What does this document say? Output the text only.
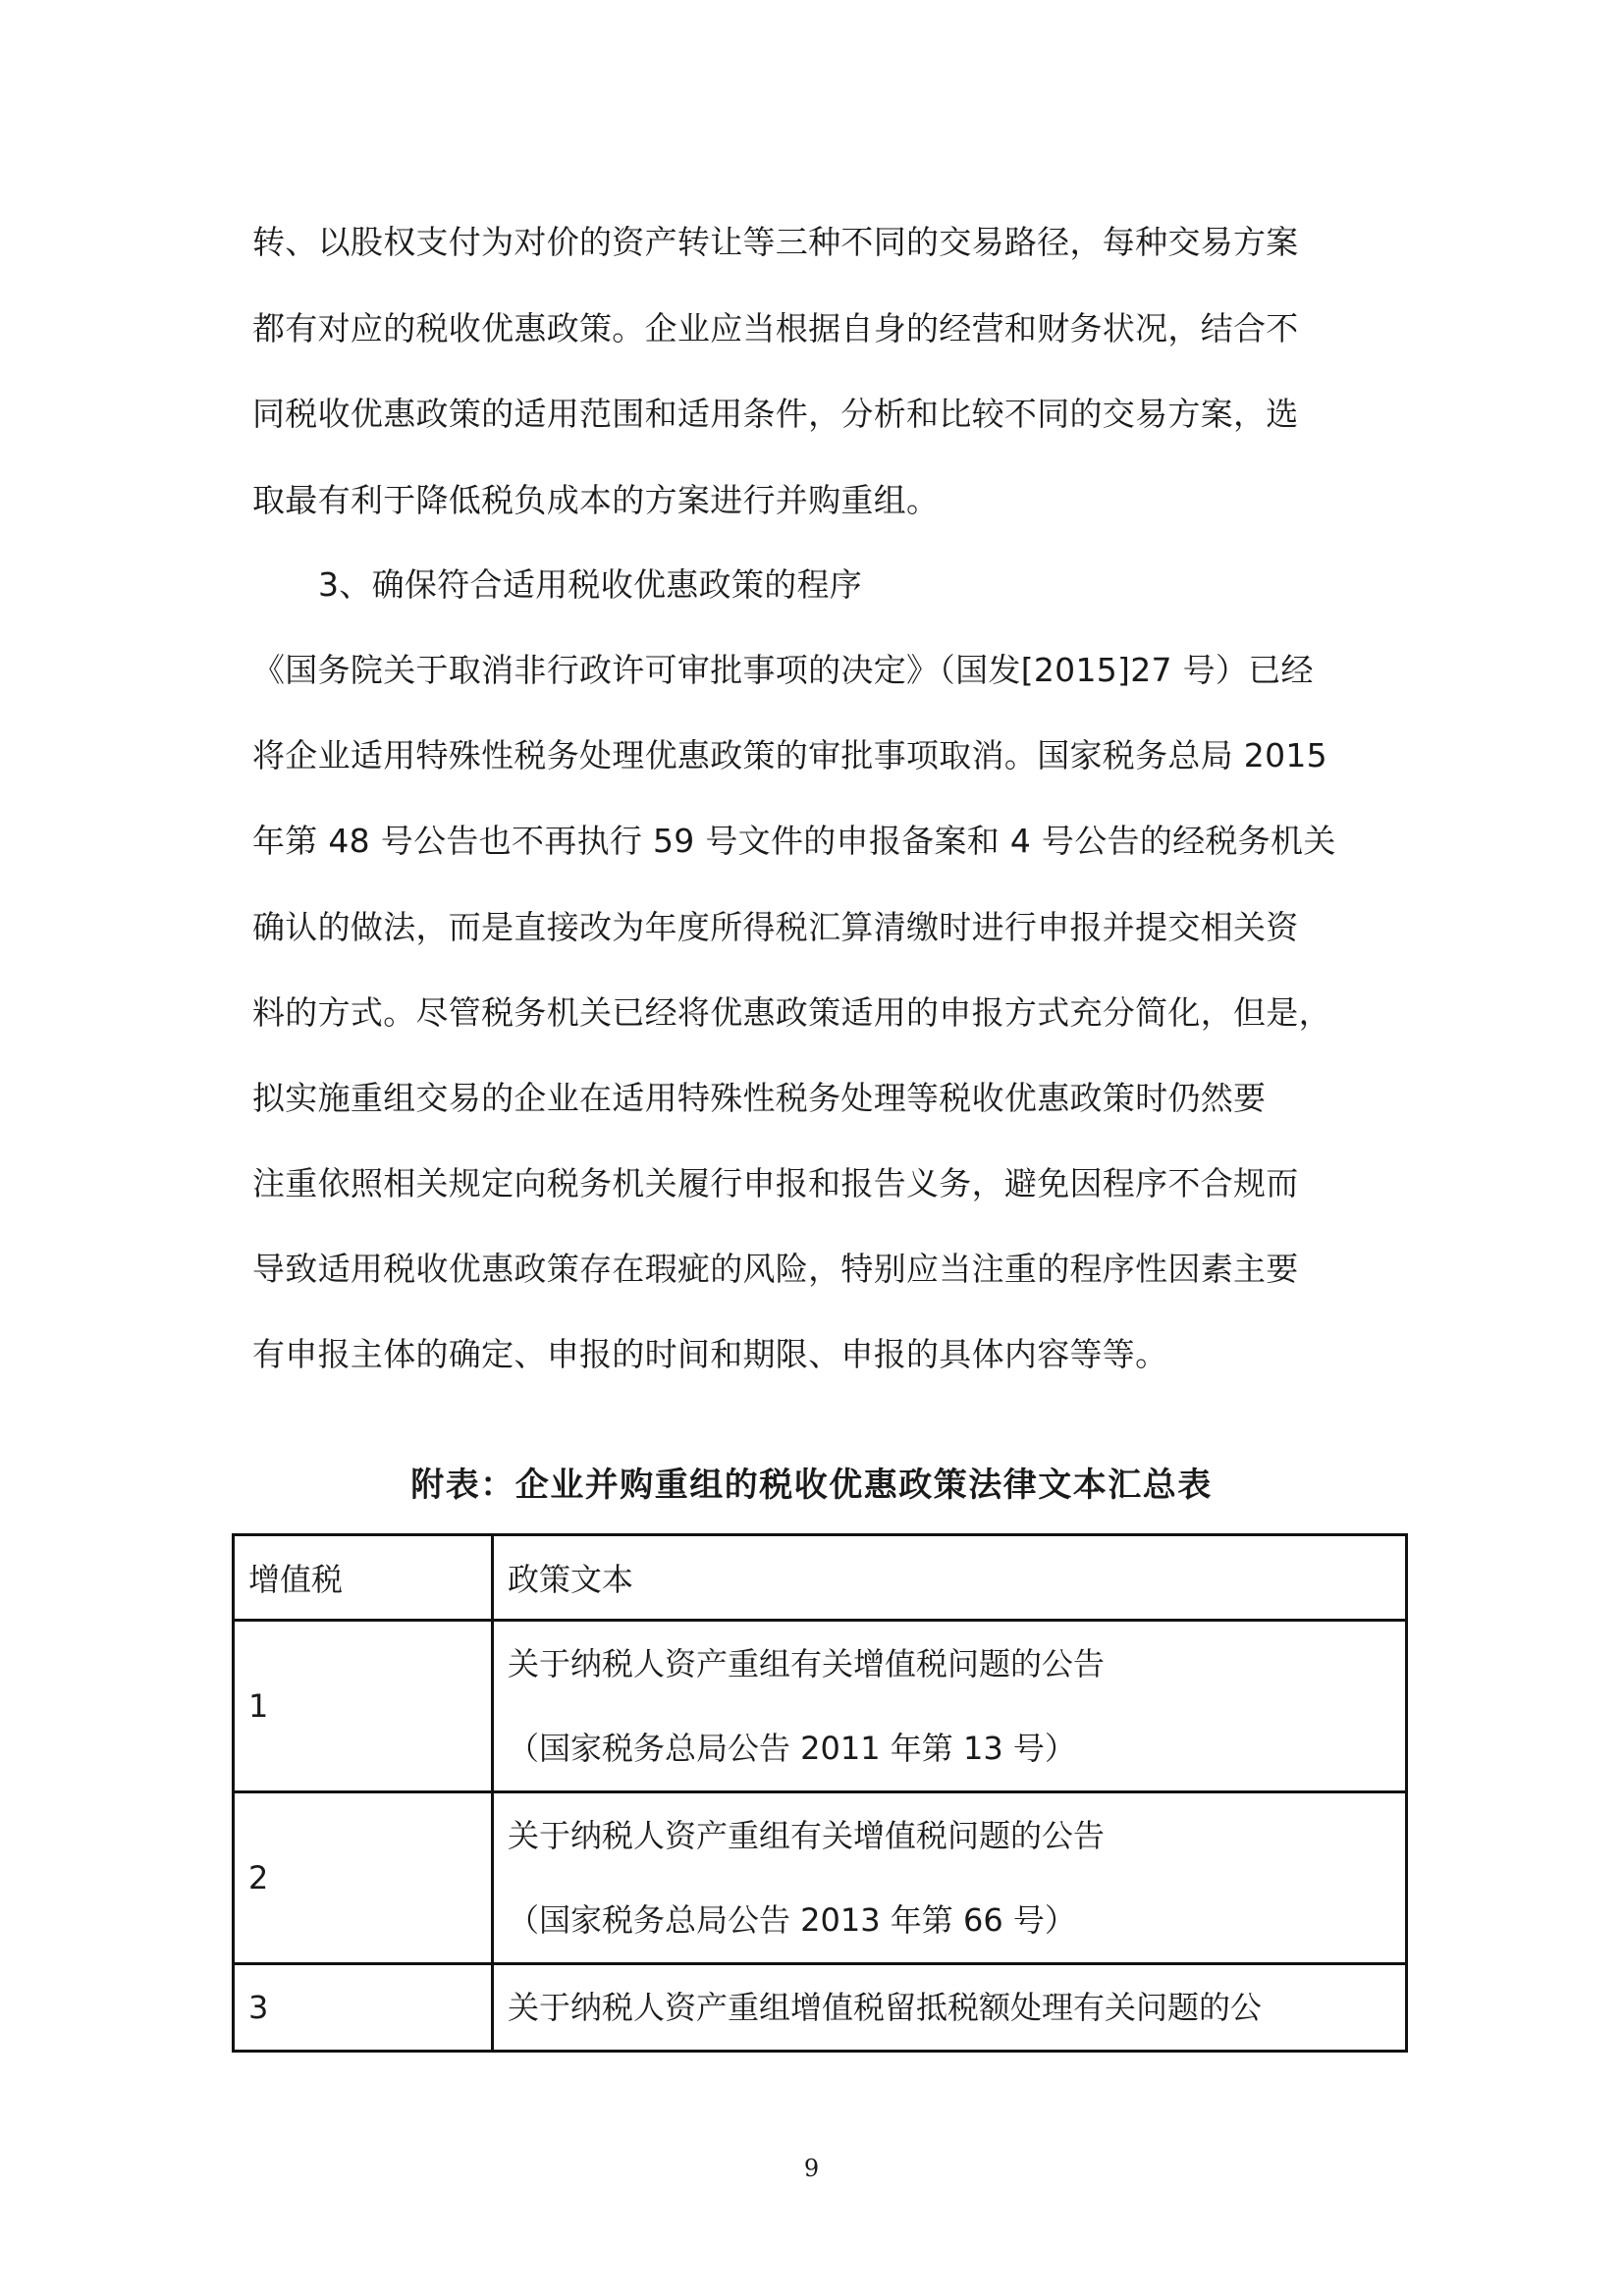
转、以股权支付为对价的资产转让等三种不同的交易路径，每种交易方案
都有对应的税收优惠政策。企业应当根据自身的经营和财务状况，结合不
同税收优惠政策的适用范围和适用条件，分析和比较不同的交易方案，选
取最有利于降低税负成本的方案进行并购重组。
3、确保符合适用税收优惠政策的程序
《国务院关于取消非行政许可审批事项的决定》（国发[2015]27 号）已经
将企业适用特殊性税务处理优惠政策的审批事项取消。国家税务总局 2015
年第 48 号公告也不再执行 59 号文件的申报备案和 4 号公告的经税务机关
确认的做法，而是直接改为年度所得税汇算清缴时进行申报并提交相关资
料的方式。尽管税务机关已经将优惠政策适用的申报方式充分简化，但是，
拟实施重组交易的企业在适用特殊性税务处理等税收优惠政策时仍然要
注重依照相关规定向税务机关履行申报和报告义务，避免因程序不合规而
导致适用税收优惠政策存在瑕疵的风险，特别应当注重的程序性因素主要
有申报主体的确定、申报的时间和期限、申报的具体内容等等。
附表：企业并购重组的税收优惠政策法律文本汇总表
增值税	政策文本
1	关于纳税人资产重组有关增值税问题的公告
（国家税务总局公告 2011 年第 13 号）

2	关于纳税人资产重组有关增值税问题的公告
（国家税务总局公告 2013 年第 66 号）

3	关于纳税人资产重组增值税留抵税额处理有关问题的公
9
